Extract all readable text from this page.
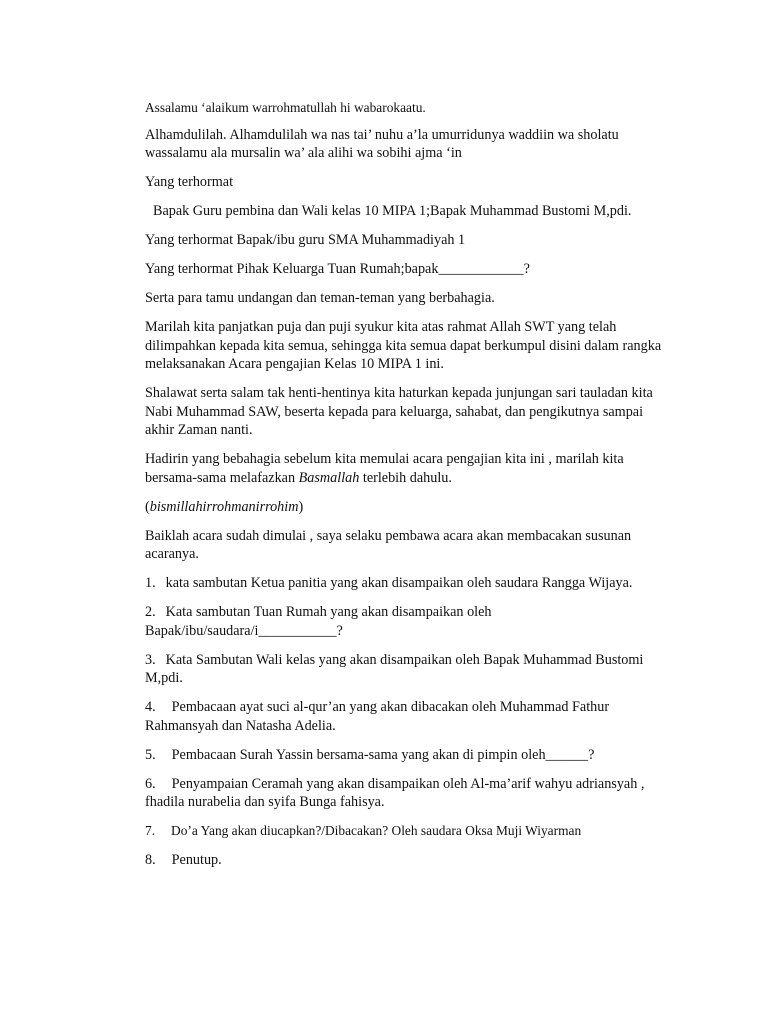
Assalamu ‘alaikum warrohmatullah hi wabarokaatu.

Alhamdulilah. Alhamdulilah wa nas tai’ nuhu a’la umurridunya waddiin wa sholatu wassalamu ala mursalin wa’ ala alihi wa sobihi ajma ‘in

Yang terhormat

Bapak Guru pembina dan Wali kelas 10 MIPA 1;Bapak Muhammad Bustomi M,pdi.

Yang terhormat Bapak/ibu guru SMA Muhammadiyah 1

Yang terhormat Pihak Keluarga Tuan Rumah;bapak____________?

Serta para tamu undangan dan teman-teman yang berbahagia.

Marilah kita panjatkan puja dan puji syukur kita atas rahmat Allah SWT yang telah dilimpahkan kepada kita semua, sehingga kita semua dapat berkumpul disini dalam rangka melaksanakan Acara pengajian Kelas 10 MIPA 1 ini.

Shalawat serta salam tak henti-hentinya kita haturkan kepada junjungan sari tauladan kita Nabi Muhammad SAW, beserta kepada para keluarga, sahabat, dan pengikutnya sampai akhir Zaman nanti.

Hadirin yang bebahagia sebelum kita memulai acara pengajian kita ini , marilah kita bersama-sama melafazkan Basmallah terlebih dahulu.

(bismillahirrohmanirrohim)

Baiklah acara sudah dimulai , saya selaku pembawa acara akan membacakan susunan acaranya.

1. kata sambutan Ketua panitia yang akan disampaikan oleh saudara Rangga Wijaya.

2. Kata sambutan Tuan Rumah yang akan disampaikan oleh Bapak/ibu/saudara/i___________?

3. Kata Sambutan Wali kelas yang akan disampaikan oleh Bapak Muhammad Bustomi M,pdi.

4. Pembacaan ayat suci al-qur’an yang akan dibacakan oleh Muhammad Fathur Rahmansyah dan Natasha Adelia.

5. Pembacaan Surah Yassin bersama-sama yang akan di pimpin oleh______?

6. Penyampaian Ceramah yang akan disampaikan oleh Al-ma’arif wahyu adriansyah , fhadila nurabelia dan syifa Bunga fahisya.

7. Do’a Yang akan diucapkan?/Dibacakan? Oleh saudara Oksa Muji Wiyarman

8. Penutup.
